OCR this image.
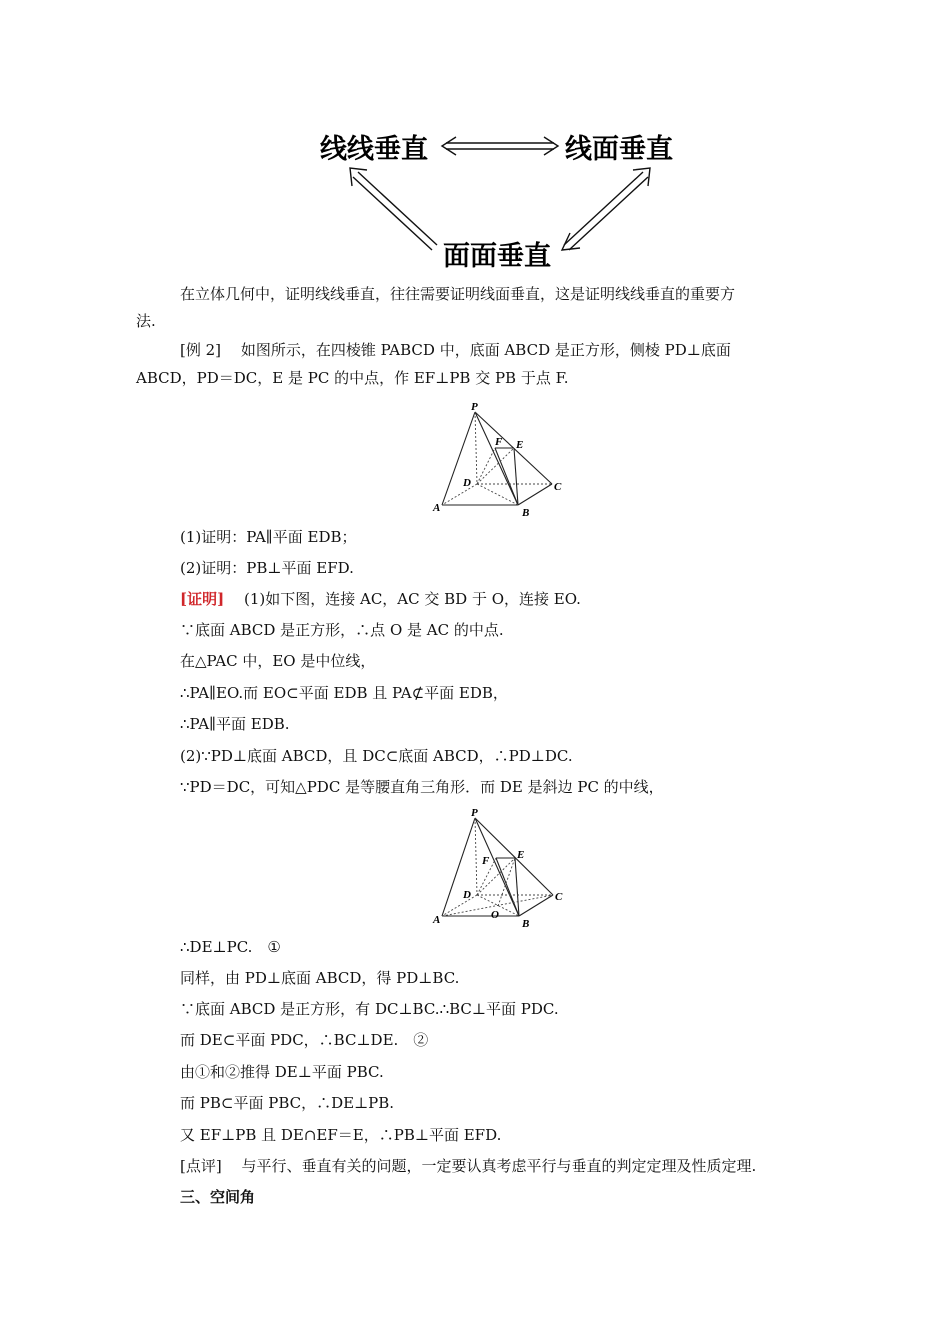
线线垂直	线面垂直
面面垂直
在立体几何中，证明线线垂直，往往需要证明线面垂直，这是证明线线垂直的重要方
法.
[例 2]　 如图所示，在四棱锥 PABCD 中，底面 ABCD 是正方形，侧棱 PD⊥底面
ABCD，PD＝DC，E 是 PC 的中点，作 EF⊥PB 交 PB 于点 F.
P
F E
D	C
A	B
(1)证明：PA∥平面 EDB；
(2)证明：PB⊥平面 EFD.
[证明]　 (1)如下图，连接 AC，AC 交 BD 于 O，连接 EO.
∵底面 ABCD 是正方形，∴点 O 是 AC 的中点.
在△PAC 中，EO 是中位线，
∴PA∥EO.而 EO⊂平面 EDB 且 PA⊄平面 EDB，
∴PA∥平面 EDB.
(2)∵PD⊥底面 ABCD，且 DC⊂底面 ABCD，∴PD⊥DC.
∵PD＝DC，可知△PDC 是等腰直角三角形．而 DE 是斜边 PC 的中线，
P
F	E
D	C
O
A	B
∴DE⊥PC.　①
同样，由 PD⊥底面 ABCD，得 PD⊥BC.
∵底面 ABCD 是正方形，有 DC⊥BC.∴BC⊥平面 PDC.
而 DE⊂平面 PDC，∴BC⊥DE.　②
由①和②推得 DE⊥平面 PBC.
而 PB⊂平面 PBC，∴DE⊥PB.
又 EF⊥PB 且 DE∩EF＝E，∴PB⊥平面 EFD.
[点评]　 与平行、垂直有关的问题，一定要认真考虑平行与垂直的判定定理及性质定理.
三、空间角
